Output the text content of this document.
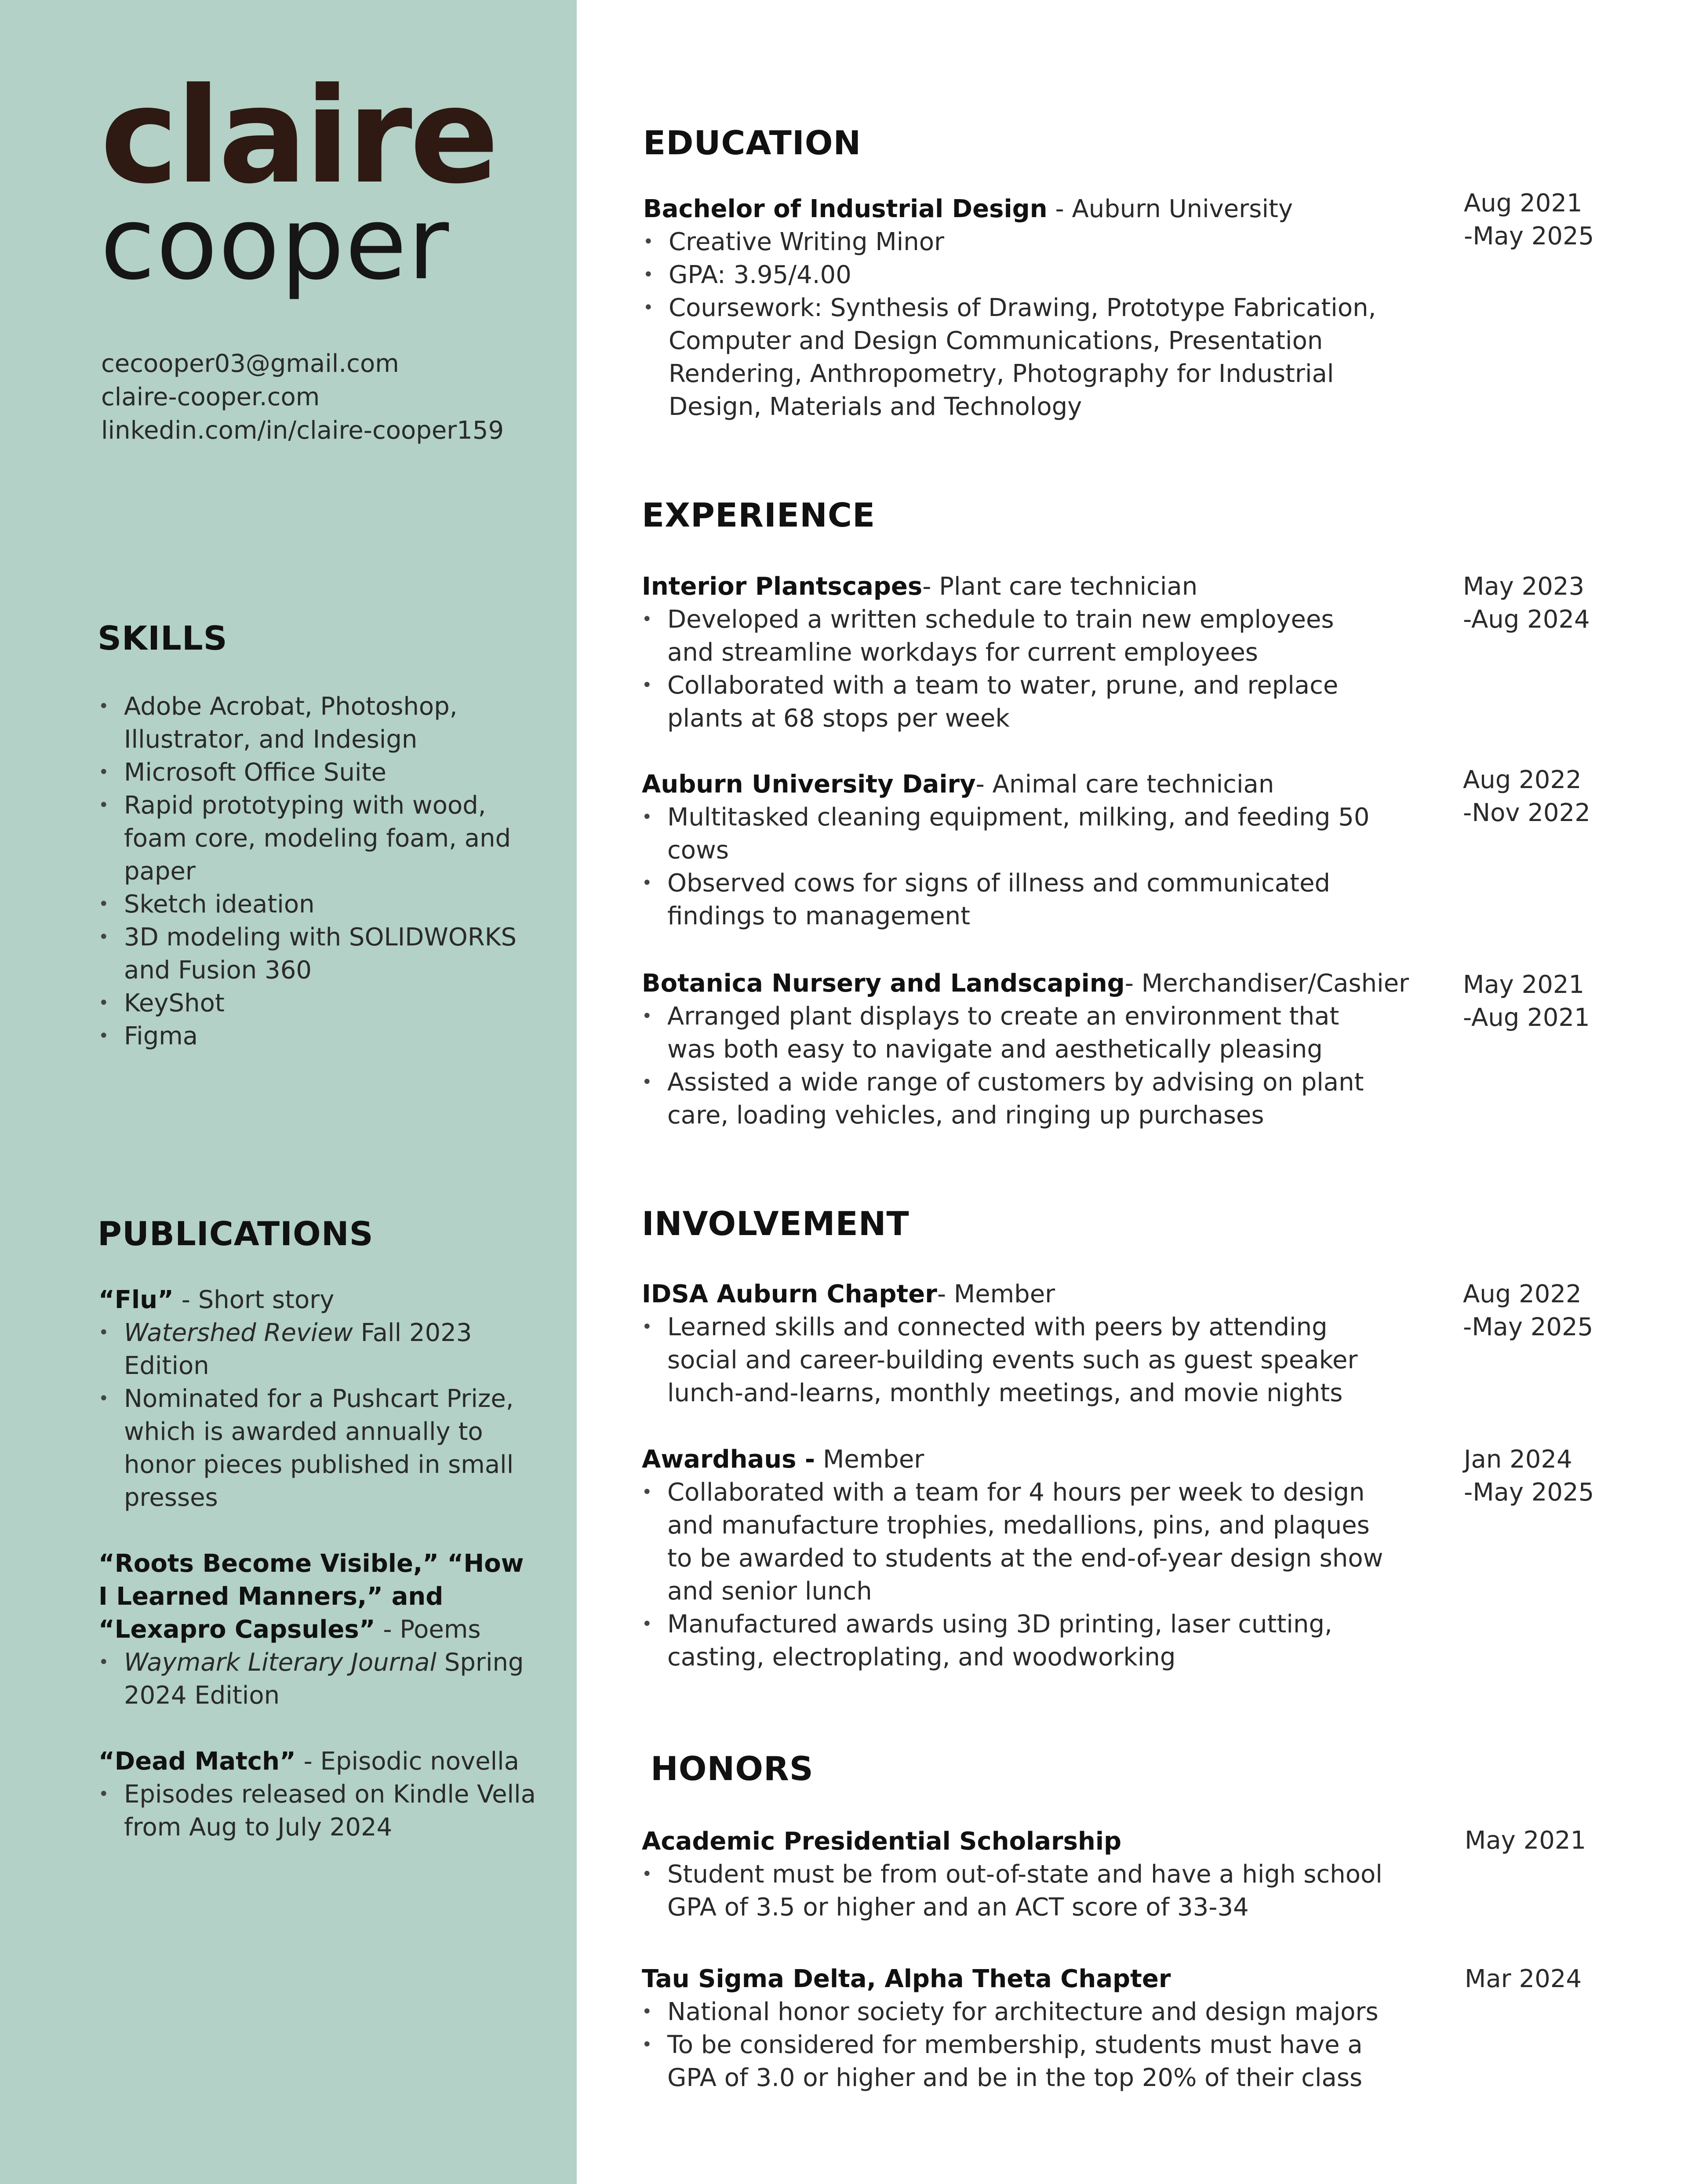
claire
cooper
cecooper03@gmail.com
claire-cooper.com
linkedin.com/in/claire-cooper159
SKILLS
• Adobe Acrobat, Photoshop, Illustrator, and Indesign
• Microsoft Office Suite
• Rapid prototyping with wood, foam core, modeling foam, and paper
• Sketch ideation
• 3D modeling with SOLIDWORKS and Fusion 360
• KeyShot
• Figma
PUBLICATIONS
“Flu” - Short story
• Watershed Review Fall 2023 Edition
• Nominated for a Pushcart Prize, which is awarded annually to honor pieces published in small presses
“Roots Become Visible,” “How I Learned Manners,” and “Lexapro Capsules” - Poems
• Waymark Literary Journal Spring 2024 Edition
“Dead Match” - Episodic novella
• Episodes released on Kindle Vella from Aug to July 2024
EDUCATION
Bachelor of Industrial Design - Auburn University
• Creative Writing Minor
• GPA: 3.95/4.00
• Coursework: Synthesis of Drawing, Prototype Fabrication, Computer and Design Communications, Presentation Rendering, Anthropometry, Photography for Industrial Design, Materials and Technology
Aug 2021
-May 2025
EXPERIENCE
Interior Plantscapes- Plant care technician
• Developed a written schedule to train new employees and streamline workdays for current employees
• Collaborated with a team to water, prune, and replace plants at 68 stops per week
May 2023
-Aug 2024
Auburn University Dairy- Animal care technician
• Multitasked cleaning equipment, milking, and feeding 50 cows
• Observed cows for signs of illness and communicated findings to management
Aug 2022
-Nov 2022
Botanica Nursery and Landscaping- Merchandiser/Cashier
• Arranged plant displays to create an environment that was both easy to navigate and aesthetically pleasing
• Assisted a wide range of customers by advising on plant care, loading vehicles, and ringing up purchases
May 2021
-Aug 2021
INVOLVEMENT
IDSA Auburn Chapter- Member
• Learned skills and connected with peers by attending social and career-building events such as guest speaker lunch-and-learns, monthly meetings, and movie nights
Aug 2022
-May 2025
Awardhaus - Member
• Collaborated with a team for 4 hours per week to design and manufacture trophies, medallions, pins, and plaques to be awarded to students at the end-of-year design show and senior lunch
• Manufactured awards using 3D printing, laser cutting, casting, electroplating, and woodworking
Jan 2024
-May 2025
HONORS
Academic Presidential Scholarship
• Student must be from out-of-state and have a high school GPA of 3.5 or higher and an ACT score of 33-34
May 2021
Tau Sigma Delta, Alpha Theta Chapter
• National honor society for architecture and design majors
• To be considered for membership, students must have a GPA of 3.0 or higher and be in the top 20% of their class
Mar 2024
